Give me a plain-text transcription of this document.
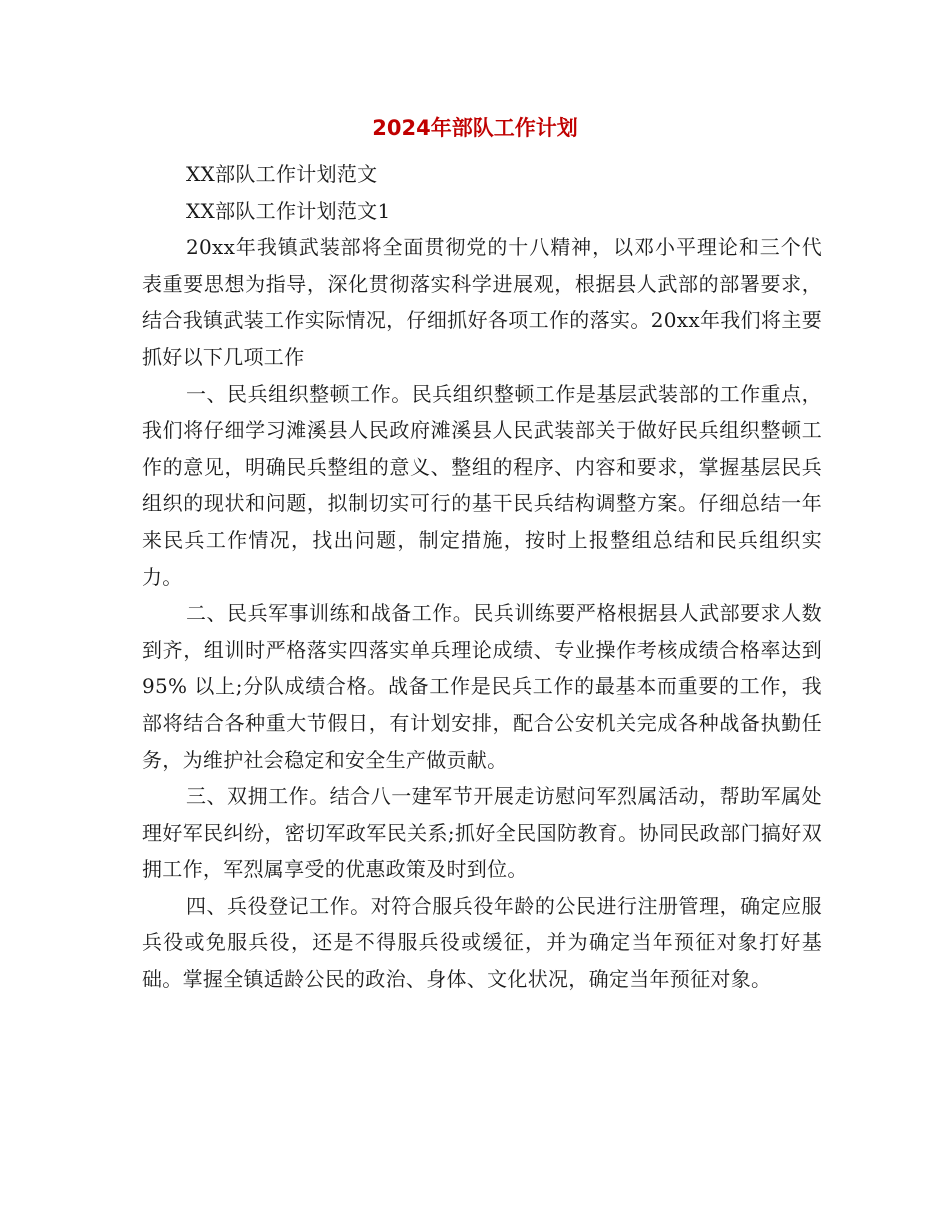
2024年部队工作计划

XX部队工作计划范文

XX部队工作计划范文1

20xx年我镇武装部将全面贯彻党的十八精神，以邓小平理论和三个代表重要思想为指导，深化贯彻落实科学进展观，根据县人武部的部署要求，结合我镇武装工作实际情况，仔细抓好各项工作的落实。20xx年我们将主要抓好以下几项工作

一、民兵组织整顿工作。民兵组织整顿工作是基层武装部的工作重点，我们将仔细学习滩溪县人民政府滩溪县人民武装部关于做好民兵组织整顿工作的意见，明确民兵整组的意义、整组的程序、内容和要求，掌握基层民兵组织的现状和问题，拟制切实可行的基干民兵结构调整方案。仔细总结一年来民兵工作情况，找出问题，制定措施，按时上报整组总结和民兵组织实力。

二、民兵军事训练和战备工作。民兵训练要严格根据县人武部要求人数到齐，组训时严格落实四落实单兵理论成绩、专业操作考核成绩合格率达到95% 以上;分队成绩合格。战备工作是民兵工作的最基本而重要的工作，我部将结合各种重大节假日，有计划安排，配合公安机关完成各种战备执勤任务，为维护社会稳定和安全生产做贡献。

三、双拥工作。结合八一建军节开展走访慰问军烈属活动，帮助军属处理好军民纠纷，密切军政军民关系;抓好全民国防教育。协同民政部门搞好双拥工作，军烈属享受的优惠政策及时到位。

四、兵役登记工作。对符合服兵役年龄的公民进行注册管理，确定应服兵役或免服兵役，还是不得服兵役或缓征，并为确定当年预征对象打好基础。掌握全镇适龄公民的政治、身体、文化状况，确定当年预征对象。
